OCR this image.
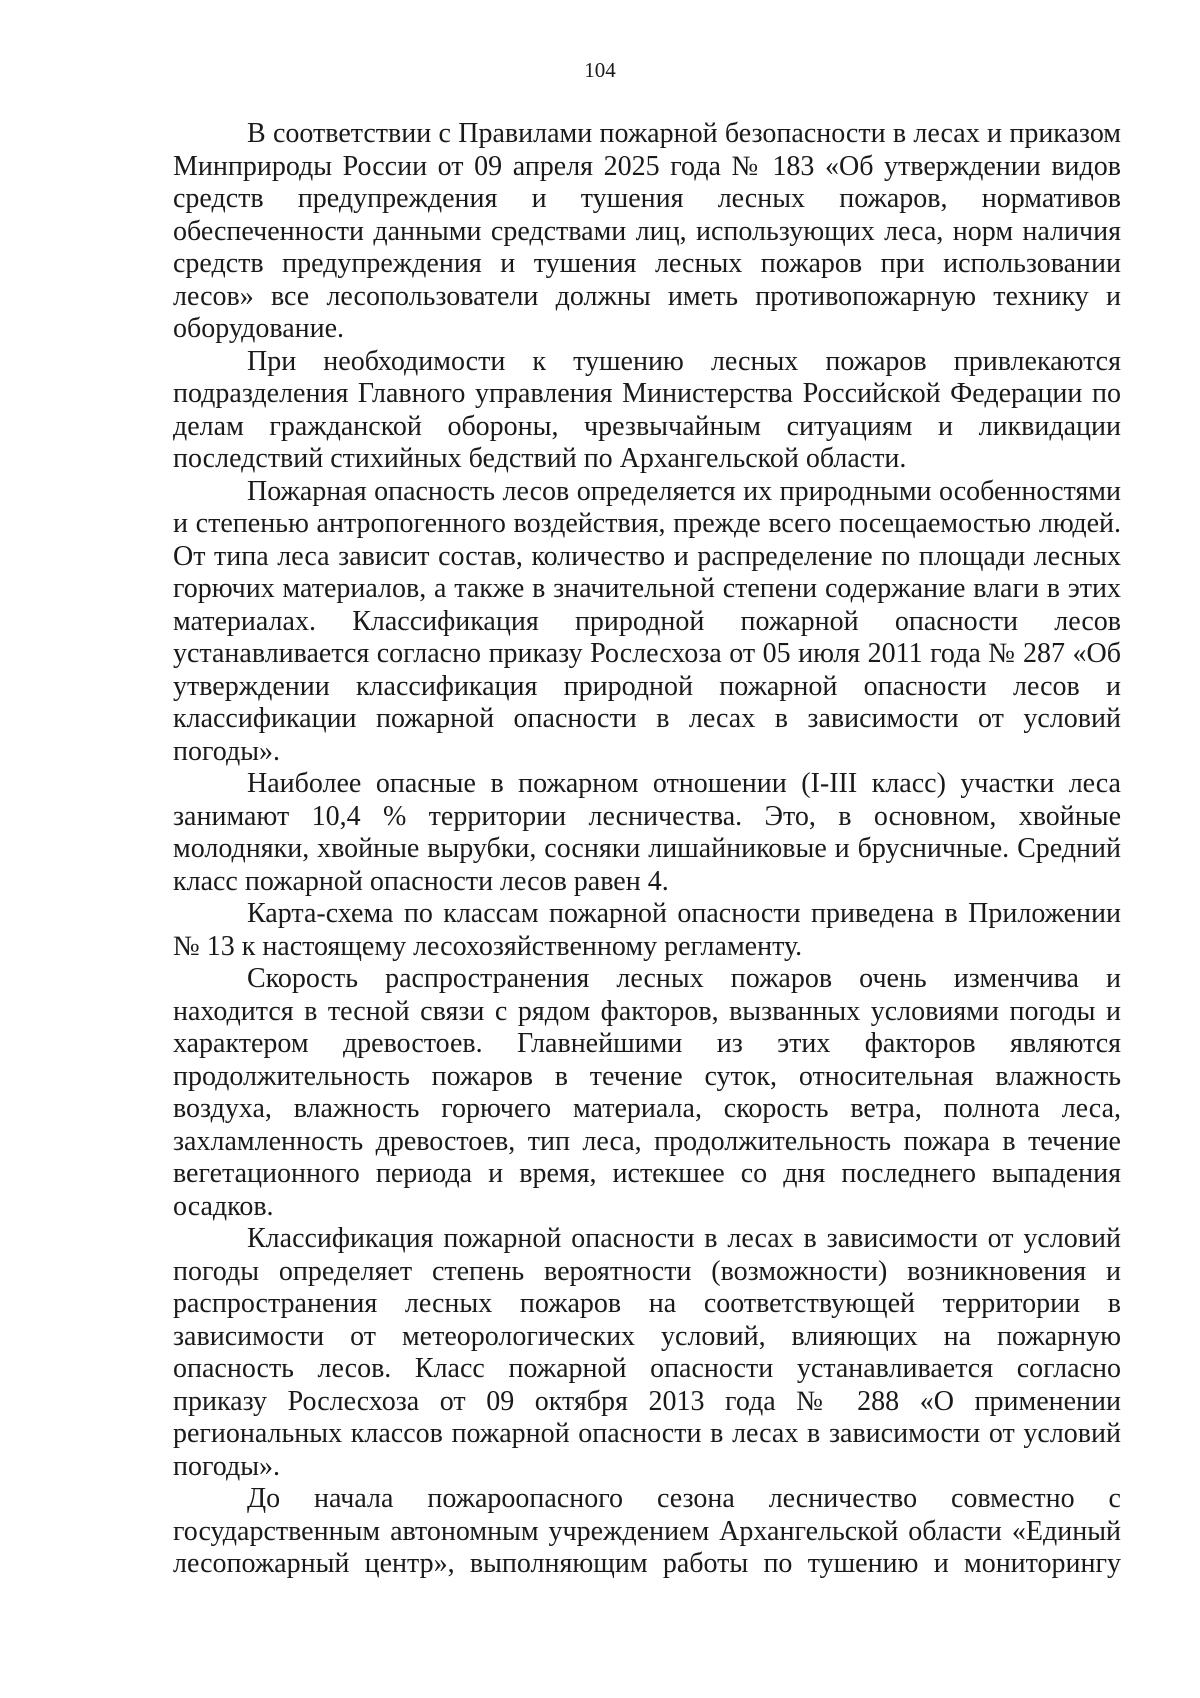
104

В соответствии с Правилами пожарной безопасности в лесах и приказом Минприроды России от 09 апреля 2025 года № 183 «Об утверждении видов средств предупреждения и тушения лесных пожаров, нормативов обеспеченности данными средствами лиц, использующих леса, норм наличия средств предупреждения и тушения лесных пожаров при использовании лесов» все лесопользователи должны иметь противопожарную технику и оборудование.

При необходимости к тушению лесных пожаров привлекаются подразделения Главного управления Министерства Российской Федерации по делам гражданской обороны, чрезвычайным ситуациям и ликвидации последствий стихийных бедствий по Архангельской области.

Пожарная опасность лесов определяется их природными особенностями и степенью антропогенного воздействия, прежде всего посещаемостью людей. От типа леса зависит состав, количество и распределение по площади лесных горючих материалов, а также в значительной степени содержание влаги в этих материалах. Классификация природной пожарной опасности лесов устанавливается согласно приказу Рослесхоза от 05 июля 2011 года № 287 «Об утверждении классификация природной пожарной опасности лесов и классификации пожарной опасности в лесах в зависимости от условий погоды».

Наиболее опасные в пожарном отношении (I-III класс) участки леса занимают 10,4 % территории лесничества. Это, в основном, хвойные молодняки, хвойные вырубки, сосняки лишайниковые и брусничные. Средний класс пожарной опасности лесов равен 4.

Карта-схема по классам пожарной опасности приведена в Приложении № 13 к настоящему лесохозяйственному регламенту.

Скорость распространения лесных пожаров очень изменчива и находится в тесной связи с рядом факторов, вызванных условиями погоды и характером древостоев. Главнейшими из этих факторов являются продолжительность пожаров в течение суток, относительная влажность воздуха, влажность горючего материала, скорость ветра, полнота леса, захламленность древостоев, тип леса, продолжительность пожара в течение вегетационного периода и время, истекшее со дня последнего выпадения осадков.

Классификация пожарной опасности в лесах в зависимости от условий погоды определяет степень вероятности (возможности) возникновения и распространения лесных пожаров на соответствующей территории в зависимости от метеорологических условий, влияющих на пожарную опасность лесов. Класс пожарной опасности устанавливается согласно приказу Рослесхоза от 09 октября 2013 года № 288 «О применении региональных классов пожарной опасности в лесах в зависимости от условий погоды».

До начала пожароопасного сезона лесничество совместно с государственным автономным учреждением Архангельской области «Единый лесопожарный центр», выполняющим работы по тушению и мониторингу
